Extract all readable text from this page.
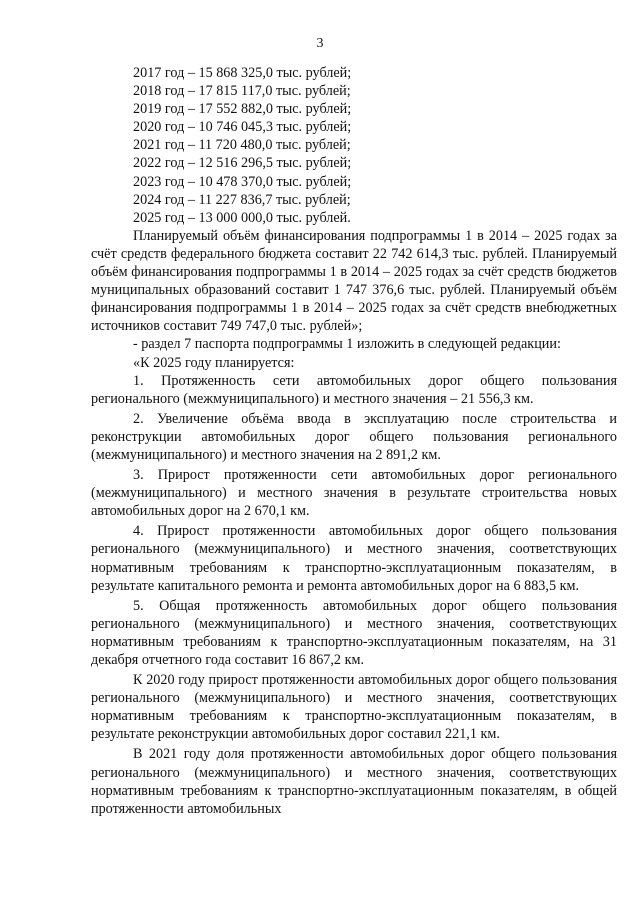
3
2017 год – 15 868 325,0 тыс. рублей;
2018 год – 17 815 117,0 тыс. рублей;
2019 год – 17 552 882,0 тыс. рублей;
2020 год – 10 746 045,3 тыс. рублей;
2021 год – 11 720 480,0 тыс. рублей;
2022 год – 12 516 296,5 тыс. рублей;
2023 год – 10 478 370,0 тыс. рублей;
2024 год – 11 227 836,7 тыс. рублей;
2025 год – 13 000 000,0 тыс. рублей.

Планируемый объём финансирования подпрограммы 1 в 2014 – 2025 годах за счёт средств федерального бюджета составит 22 742 614,3 тыс. рублей. Планируемый объём финансирования подпрограммы 1 в 2014 – 2025 годах за счёт средств бюджетов муниципальных образований составит 1 747 376,6 тыс. рублей. Планируемый объём финансирования подпрограммы 1 в 2014 – 2025 годах за счёт средств внебюджетных источников составит 749 747,0 тыс. рублей»;

- раздел 7 паспорта подпрограммы 1 изложить в следующей редакции:

«К 2025 году планируется:

1. Протяженность сети автомобильных дорог общего пользования регионального (межмуниципального) и местного значения – 21 556,3 км.

2. Увеличение объёма ввода в эксплуатацию после строительства и реконструкции автомобильных дорог общего пользования регионального (межмуниципального) и местного значения на 2 891,2 км.

3. Прирост протяженности сети автомобильных дорог регионального (межмуниципального) и местного значения в результате строительства новых автомобильных дорог на 2 670,1 км.

4. Прирост протяженности автомобильных дорог общего пользования регионального (межмуниципального) и местного значения, соответствующих нормативным требованиям к транспортно-эксплуатационным показателям, в результате капитального ремонта и ремонта автомобильных дорог на 6 883,5 км.

5. Общая протяженность автомобильных дорог общего пользования регионального (межмуниципального) и местного значения, соответствующих нормативным требованиям к транспортно-эксплуатационным показателям, на 31 декабря отчетного года составит 16 867,2 км.

К 2020 году прирост протяженности автомобильных дорог общего пользования регионального (межмуниципального) и местного значения, соответствующих нормативным требованиям к транспортно-эксплуатационным показателям, в результате реконструкции автомобильных дорог составил 221,1 км.

В 2021 году доля протяженности автомобильных дорог общего пользования регионального (межмуниципального) и местного значения, соответствующих нормативным требованиям к транспортно-эксплуатационным показателям, в общей протяженности автомобильных
